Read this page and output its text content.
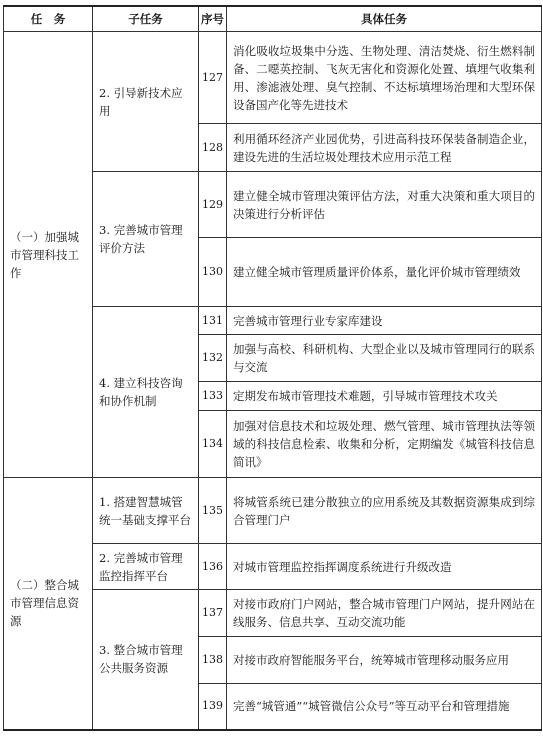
任　务	子任务	序号	具体任务
（一）加强城市管理科技工作	2. 引导新技术应用	127	消化吸收垃圾集中分选、生物处理、清洁焚烧、衍生燃料制备、二噁英控制、飞灰无害化和资源化处置、填埋气收集利用、渗滤液处理、臭气控制、不达标填埋场治理和大型环保设备国产化等先进技术
		128	利用循环经济产业园优势，引进高科技环保装备制造企业，建设先进的生活垃圾处理技术应用示范工程
	3. 完善城市管理评价方法	129	建立健全城市管理决策评估方法，对重大决策和重大项目的决策进行分析评估
		130	建立健全城市管理质量评价体系，量化评价城市管理绩效
	4. 建立科技咨询和协作机制	131	完善城市管理行业专家库建设
		132	加强与高校、科研机构、大型企业以及城市管理同行的联系与交流
		133	定期发布城市管理技术难题，引导城市管理技术攻关
		134	加强对信息技术和垃圾处理、燃气管理、城市管理执法等领域的科技信息检索、收集和分析，定期编发《城管科技信息简讯》
（二）整合城市管理信息资源	1. 搭建智慧城管统一基础支撑平台	135	将城管系统已建分散独立的应用系统及其数据资源集成到综合管理门户
	2. 完善城市管理监控指挥平台	136	对城市管理监控指挥调度系统进行升级改造
	3. 整合城市管理公共服务资源	137	对接市政府门户网站，整合城市管理门户网站，提升网站在线服务、信息共享、互动交流功能
		138	对接市政府智能服务平台，统筹城市管理移动服务应用
		139	完善“城管通”“城管微信公众号”等互动平台和管理措施
